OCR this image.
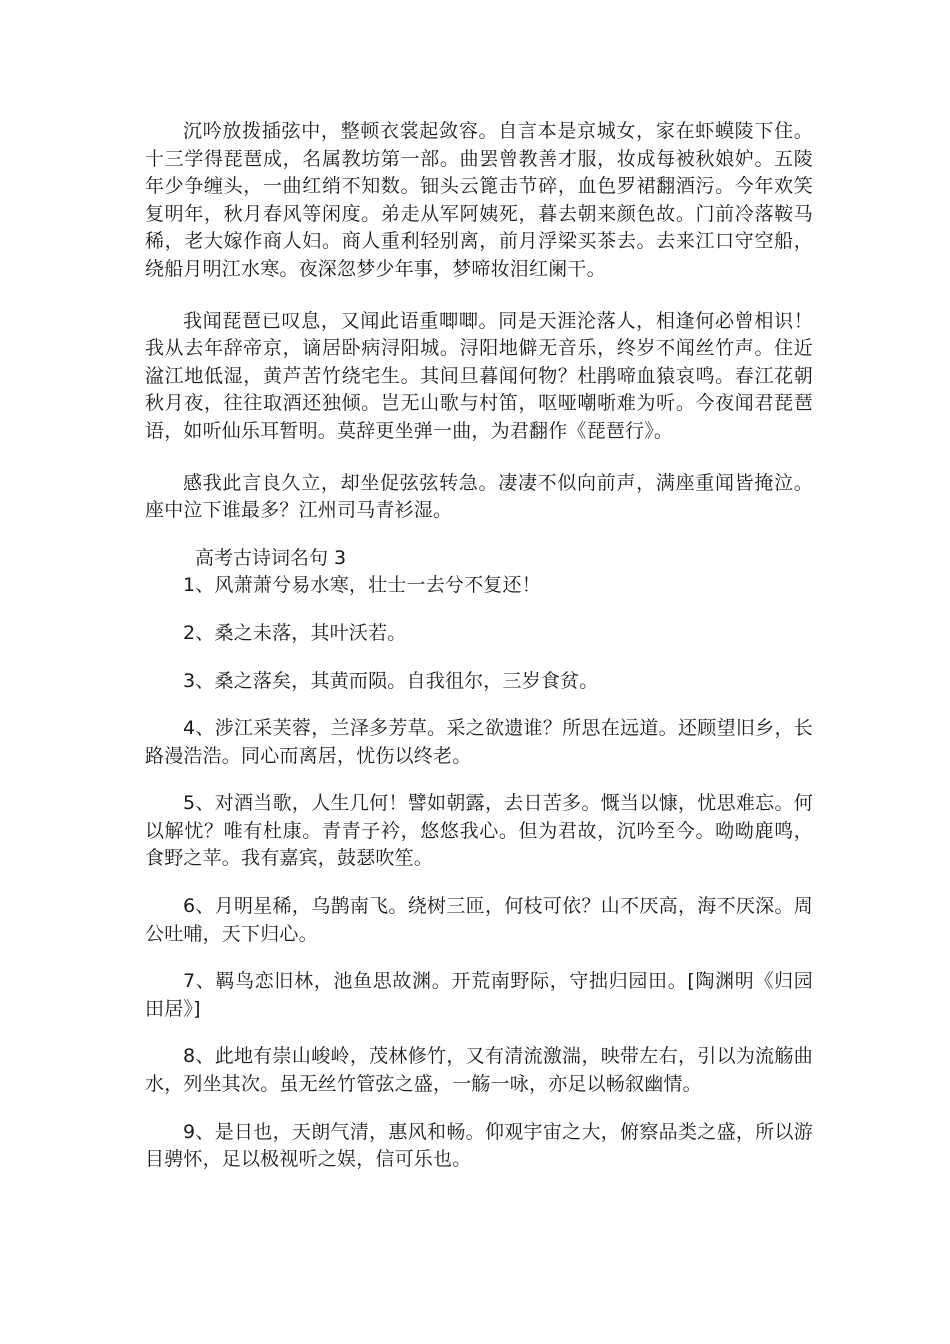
沉吟放拨插弦中，整顿衣裳起敛容。自言本是京城女，家在虾蟆陵下住。十三学得琵琶成，名属教坊第一部。曲罢曾教善才服，妆成每被秋娘妒。五陵年少争缠头，一曲红绡不知数。钿头云篦击节碎，血色罗裙翻酒污。今年欢笑复明年，秋月春风等闲度。弟走从军阿姨死，暮去朝来颜色故。门前冷落鞍马稀，老大嫁作商人妇。商人重利轻别离，前月浮梁买茶去。去来江口守空船，绕船月明江水寒。夜深忽梦少年事，梦啼妆泪红阑干。

我闻琵琶已叹息，又闻此语重唧唧。同是天涯沦落人，相逢何必曾相识！我从去年辞帝京，谪居卧病浔阳城。浔阳地僻无音乐，终岁不闻丝竹声。住近湓江地低湿，黄芦苦竹绕宅生。其间旦暮闻何物？杜鹃啼血猿哀鸣。春江花朝秋月夜，往往取酒还独倾。岂无山歌与村笛，呕哑嘲哳难为听。今夜闻君琵琶语，如听仙乐耳暂明。莫辞更坐弹一曲，为君翻作《琵琶行》。

感我此言良久立，却坐促弦弦转急。凄凄不似向前声，满座重闻皆掩泣。座中泣下谁最多？江州司马青衫湿。

高考古诗词名句 3

1、风萧萧兮易水寒，壮士一去兮不复还！

2、桑之未落，其叶沃若。

3、桑之落矣，其黄而陨。自我徂尔，三岁食贫。

4、涉江采芙蓉，兰泽多芳草。采之欲遗谁？所思在远道。还顾望旧乡，长路漫浩浩。同心而离居，忧伤以终老。

5、对酒当歌，人生几何！譬如朝露，去日苦多。慨当以慷，忧思难忘。何以解忧？唯有杜康。青青子衿，悠悠我心。但为君故，沉吟至今。呦呦鹿鸣，食野之苹。我有嘉宾，鼓瑟吹笙。

6、月明星稀，乌鹊南飞。绕树三匝，何枝可依？山不厌高，海不厌深。周公吐哺，天下归心。

7、羁鸟恋旧林，池鱼思故渊。开荒南野际，守拙归园田。[陶渊明《归园田居》]

8、此地有崇山峻岭，茂林修竹，又有清流激湍，映带左右，引以为流觞曲水，列坐其次。虽无丝竹管弦之盛，一觞一咏，亦足以畅叙幽情。

9、是日也，天朗气清，惠风和畅。仰观宇宙之大，俯察品类之盛，所以游目骋怀，足以极视听之娱，信可乐也。
